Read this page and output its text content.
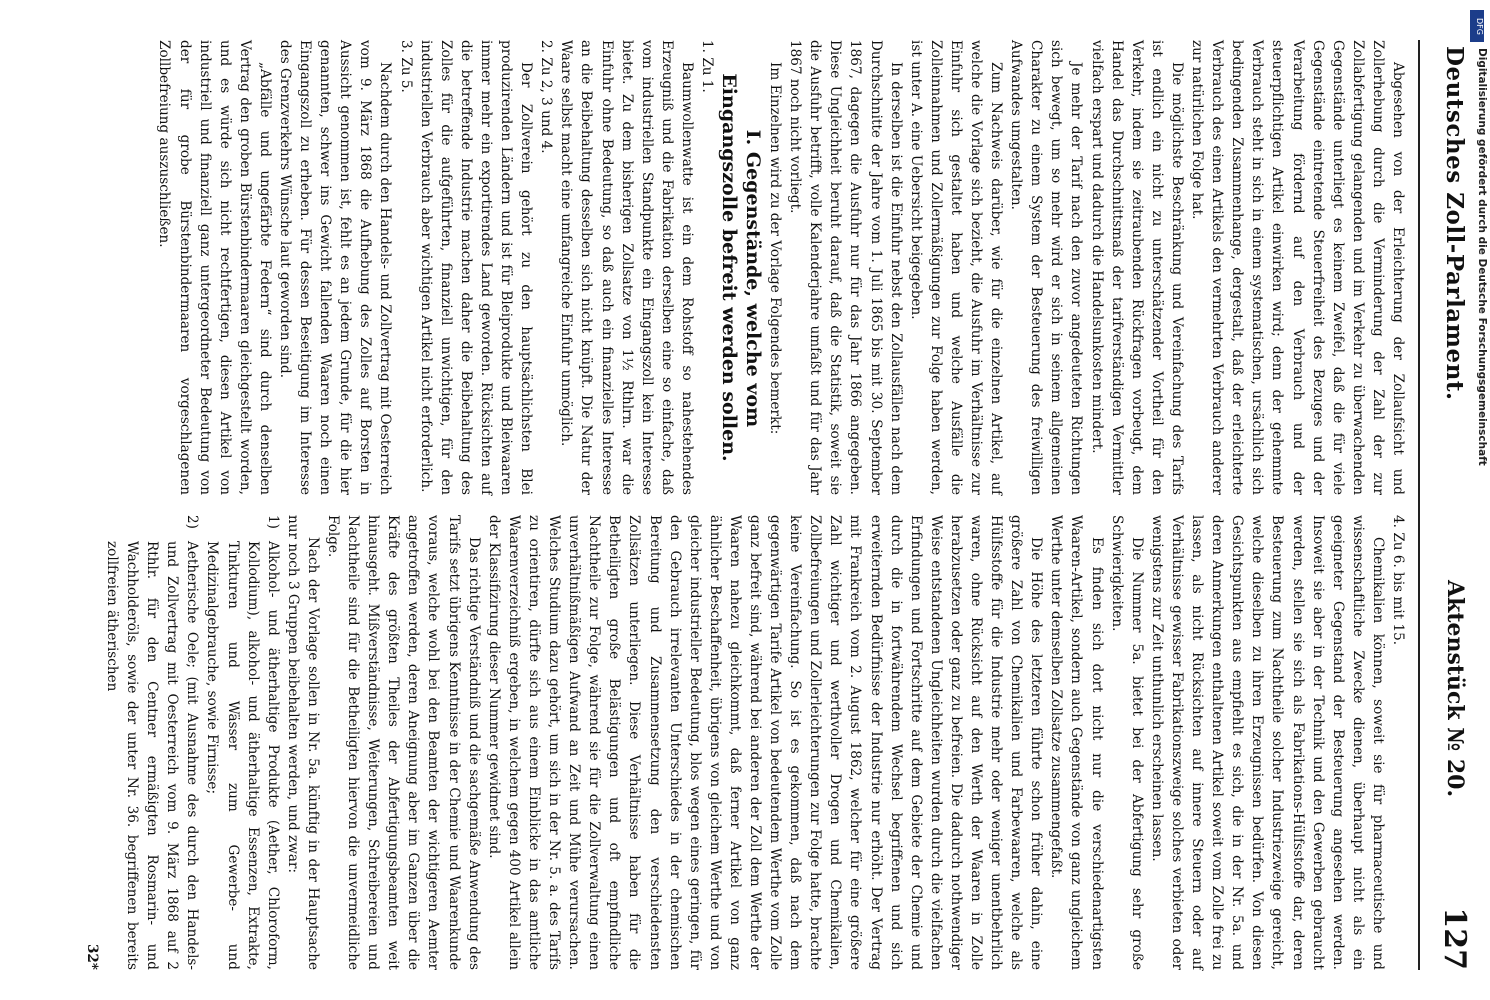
Deutsches Zoll-Parlament.
Aktenstück № 20.
127

Abgesehen von der Erleichterung der Zollaufsicht und Zollerhebung durch die Verminderung der Zahl der zur Zollabfertigung gelangenden und im Verkehr zu überwachenden Gegenstände unterliegt es keinem Zweifel, daß die für viele Gegenstände eintretende Steuerfreiheit des Bezuges und der Verarbeitung fördernd auf den Verbrauch und der steuerpflichtigen Artikel einwirken wird; denn der gehemmte Verbrauch steht in sich in einem systematischen, ursächlich sich bedingenden Zusammenhange, dergestalt, daß der erleichterte Verbrauch des einen Artikels den vermehrten Verbrauch anderer zur natürlichen Folge hat.

Die möglichste Beschränkung und Vereinfachung des Tarifs ist endlich ein nicht zu unterschätzender Vortheil für den Verkehr, indem sie zeitraubenden Rückfragen vorbeugt, dem Handel das Durchschnittsmaß der tarifverständigen Vermittler vielfach erspart und dadurch die Handelsunkosten mindert.

Je mehr der Tarif nach den zuvor angedeuteten Richtungen sich bewegt, um so mehr wird er sich in seinem allgemeinen Charakter zu einem System der Besteuerung des freiwilligen Aufwandes umgestalten.

Zum Nachweis darüber, wie für die einzelnen Artikel, auf welche die Vorlage sich bezieht, die Ausfuhr im Verhältnisse zur Einfuhr sich gestaltet haben und welche Ausfälle die Zolleinnahmen und Zollermäßigungen zur Folge haben werden, ist unter A. eine Uebersicht beigegeben.

In derselben ist die Einfuhr nebst den Zollausfällen nach dem Durchschnitte der Jahre vom 1. Juli 1865 bis mit 30. September 1867, dagegen die Ausfuhr nur für das Jahr 1866 angegeben. Diese Ungleichheit beruht darauf, daß die Statistik, soweit sie die Ausfuhr betrifft, volle Kalenderjahre umfaßt und für das Jahr 1867 noch nicht vorliegt.

Im Einzelnen wird zu der Vorlage Folgendes bemerkt:

I. Gegenstände, welche vom Eingangszolle befreit werden sollen.

1. Zu 1.

Baumwollenwatte ist ein dem Rohstoff so nahestehendes Erzeugniß und die Fabrikation derselben eine so einfache, daß vom industriellen Standpunkte ein Eingangszoll kein Interesse bietet. Zu dem bisherigen Zollsatze von 1½ Rthlrn. war die Einfuhr ohne Bedeutung, so daß auch ein finanzielles Interesse an die Beibehaltung desselben sich nicht knüpft. Die Natur der Waare selbst macht eine umfangreiche Einfuhr unmöglich.

2. Zu 2, 3 und 4.

Der Zollverein gehört zu den hauptsächlichsten Blei produzirenden Ländern und ist für Bleiprodukte und Bleiwaaren immer mehr ein exportirendes Land geworden. Rücksichten auf die betreffende Industrie machen daher die Beibehaltung des Zolles für die aufgeführten, finanziell unwichtigen, für den industriellen Verbrauch aber wichtigen Artikel nicht erforderlich.

3. Zu 5.

Nachdem durch den Handels- und Zollvertrag mit Oesterreich vom 9. März 1868 die Aufhebung des Zolles auf Borsten in Aussicht genommen ist, fehlt es an jedem Grunde, für die hier genannten, schwer ins Gewicht fallenden Waaren noch einen Eingangszoll zu erheben. Für dessen Beseitigung im Interesse des Grenzverkehrs Wünsche laut geworden sind.

„Abfälle und ungefärbte Federn“ sind durch denselben Vertrag den groben Bürstenbindermaaren gleichgestellt worden, und es würde sich nicht rechtfertigen, diesen Artikel von industriell und finanziell ganz untergeordneter Bedeutung von der für grobe Bürstenbindermaaren vorgeschlagenen Zollbefreiung auszuschließen.

4. Zu 6. bis mit 15.

Chemikalien können, soweit sie für pharmaceutische und wissenschaftliche Zwecke dienen, überhaupt nicht als ein geeigneter Gegenstand der Besteuerung angesehen werden. Insoweit sie aber in der Technik und den Gewerben gebraucht werden, stellen sie sich als Fabrikations-Hülfsstoffe dar, deren Besteuerung zum Nachtheile solcher Industriezweige gereicht, welche dieselben zu ihren Erzeugnissen bedürfen. Von diesen Gesichtspunkten aus empfiehlt es sich, die in der Nr. 5a. und deren Anmerkungen enthaltenen Artikel soweit vom Zolle frei zu lassen, als nicht Rücksichten auf innere Steuern oder auf Verhältnisse gewisser Fabrikationszweige solches verbieten oder wenigstens zur Zeit unthunlich erscheinen lassen.

Die Nummer 5a. bietet bei der Abfertigung sehr große Schwierigkeiten.

Es finden sich dort nicht nur die verschiedenartigsten Waaren-Artikel, sondern auch Gegenstände von ganz ungleichem Werthe unter demselben Zollsatze zusammengefaßt.

Die Höhe des letzteren führte schon früher dahin, eine größere Zahl von Chemikalien und Farbewaaren, welche als Hülfsstoffe für die Industrie mehr oder weniger unentbehrlich waren, ohne Rücksicht auf den Werth der Waaren in Zolle herabzusetzen oder ganz zu befreien. Die dadurch nothwendiger Weise entstandenen Ungleichheiten wurden durch die vielfachen Erfindungen und Fortschritte auf dem Gebiete der Chemie und durch die in fortwährendem Wechsel begriffenen und sich erweiternden Bedürfnisse der Industrie nur erhöht. Der Vertrag mit Frankreich vom 2. August 1862, welcher für eine größere Zahl wichtiger und werthvoller Drogen und Chemikalien, Zollbefreiungen und Zollerleichterungen zur Folge hatte, brachte keine Vereinfachung. So ist es gekommen, daß nach dem gegenwärtigen Tarife Artikel von bedeutendem Werthe vom Zolle ganz befreit sind, während bei anderen der Zoll dem Werthe der Waaren nahezu gleichkommt, daß ferner Artikel von ganz ähnlicher Beschaffenheit, übrigens von gleichem Werthe und von gleicher industrieller Bedeutung, blos wegen eines geringen, für den Gebrauch irrelevanten Unterschiedes in der chemischen Bereitung und Zusammensetzung den verschiedensten Zollsätzen unterliegen. Diese Verhältnisse haben für die Betheiligten große Belästigungen und oft empfindliche Nachtheile zur Folge, während sie für die Zollverwaltung einen unverhältnißmäßigen Aufwand an Zeit und Mühe verursachen. Welches Studium dazu gehört, um sich in der Nr. 5. a. des Tarifs zu orientiren, dürfte sich aus einem Einblicke in das amtliche Waarenverzeichniß ergeben, in welchem gegen 400 Artikel allein der Klassifizirung dieser Nummer gewidmet sind.

Das richtige Verständniß und die sachgemäße Anwendung des Tarifs setzt übrigens Kenntnisse in der Chemie und Waarenkunde voraus, welche wohl bei den Beamten der wichtigeren Aemter angetroffen werden, deren Aneignung aber im Ganzen über die Kräfte des größten Theiles der Abfertigungsbeamten weit hinausgeht. Mißverständnisse, Weiterungen, Schreibereien und Nachtheile sind für die Betheiligten hiervon die unvermeidliche Folge.

Nach der Vorlage sollen in Nr. 5a. künftig in der Hauptsache nur noch 3 Gruppen beibehalten werden, und zwar:

1)
Alkohol- und ätherhaltige Produkte (Aether, Chloroform, Kollodium), alkohol- und ätherhaltige Essenzen, Extrakte, Tinkturen und Wässer zum Gewerbe- und Medizinalgebrauche, sowie Firnisse;
2)
Aetherische Oele; (mit Ausnahme des durch den Handels- und Zollvertrag mit Oesterreich vom 9. März 1868 auf 2 Rthlr. für den Centner ermäßigten Rosmarin- und Wachholderöls, sowie der unter Nr. 36. begriffenen bereits zollfreien ätherischen

32*

DFG
Digitalisierung gefördert durch die Deutsche Forschungsgemeinschaft
